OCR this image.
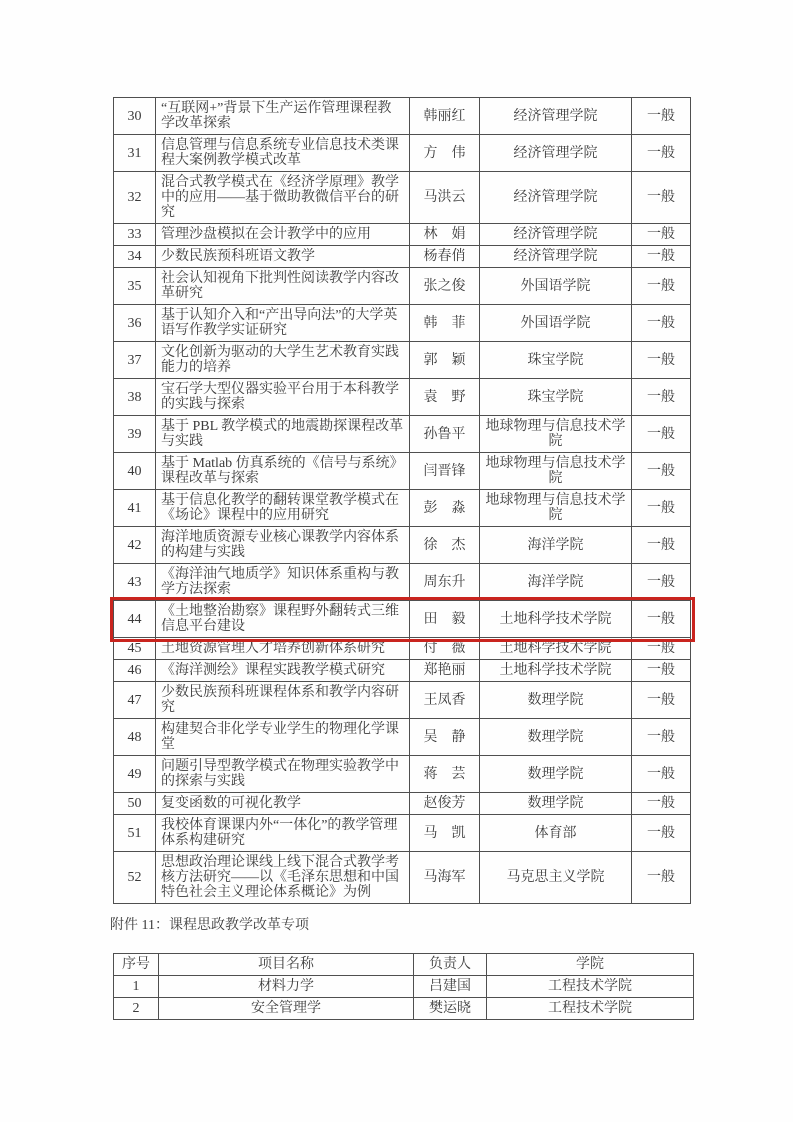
30	“互联网+”背景下生产运作管理课程教学改革探索	韩丽红	经济管理学院	一般
31	信息管理与信息系统专业信息技术类课程大案例教学模式改革	方　伟	经济管理学院	一般
32	混合式教学模式在《经济学原理》教学中的应用——基于微助教微信平台的研究	马洪云	经济管理学院	一般
33	管理沙盘模拟在会计教学中的应用	林　娟	经济管理学院	一般
34	少数民族预科班语文教学	杨春俏	经济管理学院	一般
35	社会认知视角下批判性阅读教学内容改革研究	张之俊	外国语学院	一般
36	基于认知介入和“产出导向法”的大学英语写作教学实证研究	韩　菲	外国语学院	一般
37	文化创新为驱动的大学生艺术教育实践能力的培养	郭　颖	珠宝学院	一般
38	宝石学大型仪器实验平台用于本科教学的实践与探索	袁　野	珠宝学院	一般
39	基于 PBL 教学模式的地震勘探课程改革与实践	孙鲁平	地球物理与信息技术学院	一般
40	基于 Matlab 仿真系统的《信号与系统》课程改革与探索	闫晋锋	地球物理与信息技术学院	一般
41	基于信息化教学的翻转课堂教学模式在《场论》课程中的应用研究	彭　淼	地球物理与信息技术学院	一般
42	海洋地质资源专业核心课教学内容体系的构建与实践	徐　杰	海洋学院	一般
43	《海洋油气地质学》知识体系重构与教学方法探索	周东升	海洋学院	一般
44	《土地整治勘察》课程野外翻转式三维信息平台建设	田　毅	土地科学技术学院	一般
45	土地资源管理人才培养创新体系研究	付　薇	土地科学技术学院	一般
46	《海洋测绘》课程实践教学模式研究	郑艳丽	土地科学技术学院	一般
47	少数民族预科班课程体系和教学内容研究	王凤香	数理学院	一般
48	构建契合非化学专业学生的物理化学课堂	吴　静	数理学院	一般
49	问题引导型教学模式在物理实验教学中的探索与实践	蒋　芸	数理学院	一般
50	复变函数的可视化教学	赵俊芳	数理学院	一般
51	我校体育课课内外“一体化”的教学管理体系构建研究	马　凯	体育部	一般
52	思想政治理论课线上线下混合式教学考核方法研究——以《毛泽东思想和中国特色社会主义理论体系概论》为例	马海军	马克思主义学院	一般
附件 11：课程思政教学改革专项
序号	项目名称	负责人	学院
1	材料力学	吕建国	工程技术学院
2	安全管理学	樊运晓	工程技术学院
